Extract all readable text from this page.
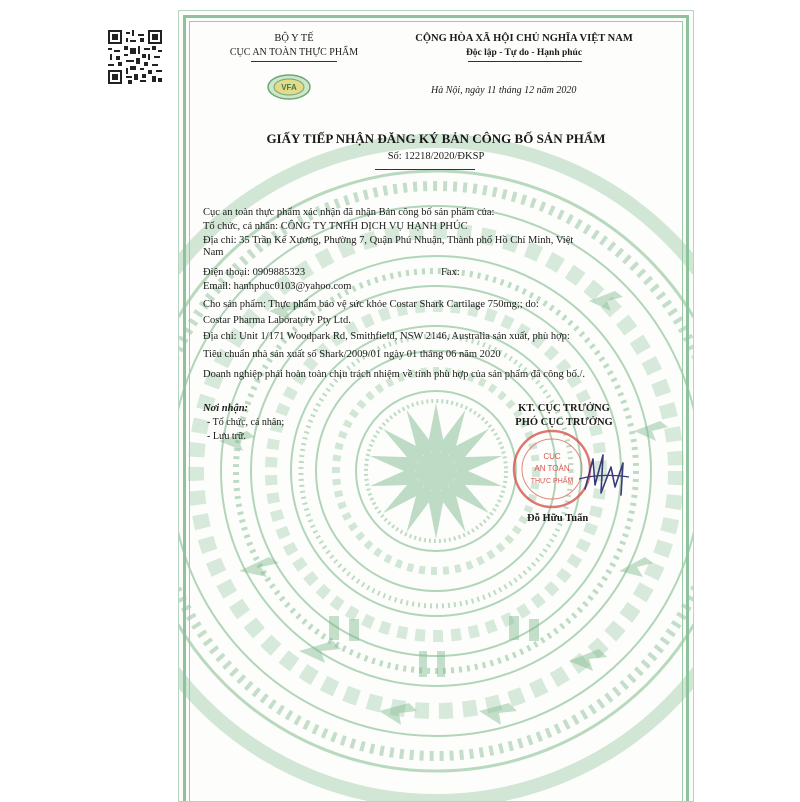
BỘ Y TẾ
CỤC AN TOÀN THỰC PHẨM
VFA
CỘNG HÒA XÃ HỘI CHỦ NGHĨA VIỆT NAM
Độc lập - Tự do - Hạnh phúc
Hà Nội, ngày 11 tháng 12 năm 2020
GIẤY TIẾP NHẬN ĐĂNG KÝ BẢN CÔNG BỐ SẢN PHẨM
Số: 12218/2020/ĐKSP
Cục an toàn thực phẩm xác nhận đã nhận Bản công bố sản phẩm của:
Tổ chức, cá nhân: CÔNG TY TNHH DỊCH VỤ HẠNH PHÚC
Địa chỉ: 35 Trần Kế Xương, Phường 7, Quận Phú Nhuận, Thành phố Hồ Chí Minh, Việt
Nam
Điện thoại: 0909885323	Fax:
Email: hanhphuc0103@yahoo.com
Cho sản phẩm: Thực phẩm bảo vệ sức khỏe Costar Shark Cartilage 750mg;; do:
Costar Pharma Laboratory Pty Ltd.
Địa chỉ: Unit 1/171 Woodpark Rd, Smithfield, NSW 2146, Australia sản xuất, phù hợp:
Tiêu chuẩn nhà sản xuất số Shark/2009/01 ngày 01 tháng 06 năm 2020
Doanh nghiệp phải hoàn toàn chịu trách nhiệm về tính phù hợp của sản phẩm đã công bố./.
Nơi nhận:
- Tổ chức, cá nhân;
- Lưu trữ.
KT. CỤC TRƯỞNG
PHÓ CỤC TRƯỞNG
CỤC
AN TOÀN
THỰC PHẨM
Đỗ Hữu Tuấn
